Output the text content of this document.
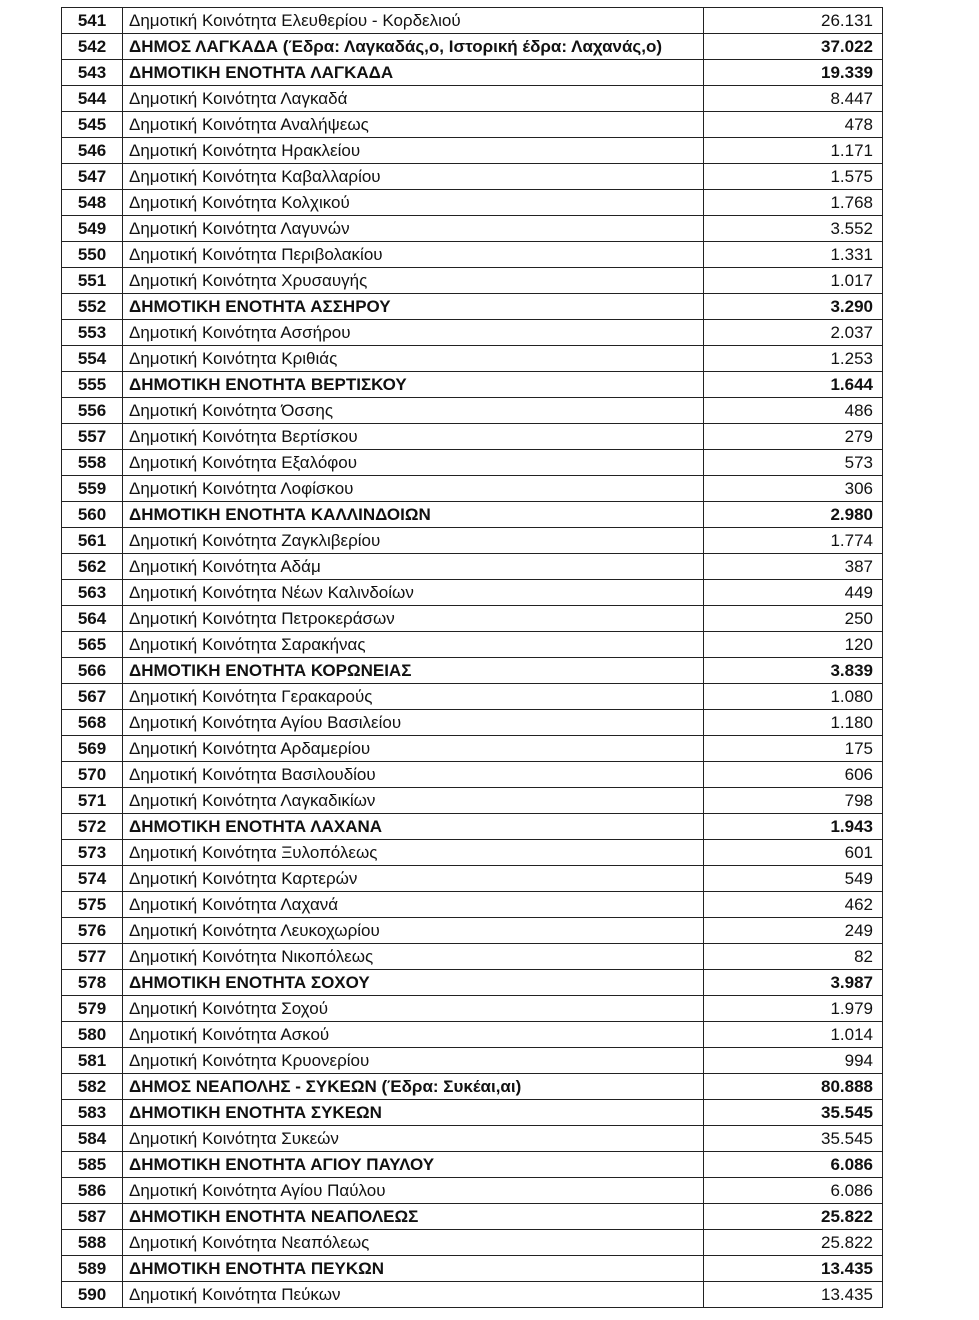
541	Δημοτική Κοινότητα Ελευθερίου - Κορδελιού	26.131
542	ΔΗΜΟΣ ΛΑΓΚΑΔΑ (Έδρα: Λαγκαδάς,ο, Ιστορική έδρα: Λαχανάς,ο)	37.022
543	ΔΗΜΟΤΙΚΗ ΕΝΟΤΗΤΑ ΛΑΓΚΑΔΑ	19.339
544	Δημοτική Κοινότητα Λαγκαδά	8.447
545	Δημοτική Κοινότητα Αναλήψεως	478
546	Δημοτική Κοινότητα Ηρακλείου	1.171
547	Δημοτική Κοινότητα Καβαλλαρίου	1.575
548	Δημοτική Κοινότητα Κολχικού	1.768
549	Δημοτική Κοινότητα Λαγυνών	3.552
550	Δημοτική Κοινότητα Περιβολακίου	1.331
551	Δημοτική Κοινότητα Χρυσαυγής	1.017
552	ΔΗΜΟΤΙΚΗ ΕΝΟΤΗΤΑ ΑΣΣΗΡΟΥ	3.290
553	Δημοτική Κοινότητα Ασσήρου	2.037
554	Δημοτική Κοινότητα Κριθιάς	1.253
555	ΔΗΜΟΤΙΚΗ ΕΝΟΤΗΤΑ ΒΕΡΤΙΣΚΟΥ	1.644
556	Δημοτική Κοινότητα Όσσης	486
557	Δημοτική Κοινότητα Βερτίσκου	279
558	Δημοτική Κοινότητα Εξαλόφου	573
559	Δημοτική Κοινότητα Λοφίσκου	306
560	ΔΗΜΟΤΙΚΗ ΕΝΟΤΗΤΑ ΚΑΛΛΙΝΔΟΙΩΝ	2.980
561	Δημοτική Κοινότητα Ζαγκλιβερίου	1.774
562	Δημοτική Κοινότητα Αδάμ	387
563	Δημοτική Κοινότητα Νέων Καλινδοίων	449
564	Δημοτική Κοινότητα Πετροκεράσων	250
565	Δημοτική Κοινότητα Σαρακήνας	120
566	ΔΗΜΟΤΙΚΗ ΕΝΟΤΗΤΑ ΚΟΡΩΝΕΙΑΣ	3.839
567	Δημοτική Κοινότητα Γερακαρούς	1.080
568	Δημοτική Κοινότητα Αγίου Βασιλείου	1.180
569	Δημοτική Κοινότητα Αρδαμερίου	175
570	Δημοτική Κοινότητα Βασιλουδίου	606
571	Δημοτική Κοινότητα Λαγκαδικίων	798
572	ΔΗΜΟΤΙΚΗ ΕΝΟΤΗΤΑ ΛΑΧΑΝΑ	1.943
573	Δημοτική Κοινότητα Ξυλοπόλεως	601
574	Δημοτική Κοινότητα Καρτερών	549
575	Δημοτική Κοινότητα Λαχανά	462
576	Δημοτική Κοινότητα Λευκοχωρίου	249
577	Δημοτική Κοινότητα Νικοπόλεως	82
578	ΔΗΜΟΤΙΚΗ ΕΝΟΤΗΤΑ ΣΟΧΟΥ	3.987
579	Δημοτική Κοινότητα Σοχού	1.979
580	Δημοτική Κοινότητα Ασκού	1.014
581	Δημοτική Κοινότητα Κρυονερίου	994
582	ΔΗΜΟΣ ΝΕΑΠΟΛΗΣ - ΣΥΚΕΩΝ (Έδρα: Συκέαι,αι)	80.888
583	ΔΗΜΟΤΙΚΗ ΕΝΟΤΗΤΑ ΣΥΚΕΩΝ	35.545
584	Δημοτική Κοινότητα Συκεών	35.545
585	ΔΗΜΟΤΙΚΗ ΕΝΟΤΗΤΑ ΑΓΙΟΥ ΠΑΥΛΟΥ	6.086
586	Δημοτική Κοινότητα Αγίου Παύλου	6.086
587	ΔΗΜΟΤΙΚΗ ΕΝΟΤΗΤΑ ΝΕΑΠΟΛΕΩΣ	25.822
588	Δημοτική Κοινότητα Νεαπόλεως	25.822
589	ΔΗΜΟΤΙΚΗ ΕΝΟΤΗΤΑ ΠΕΥΚΩΝ	13.435
590	Δημοτική Κοινότητα Πεύκων	13.435
